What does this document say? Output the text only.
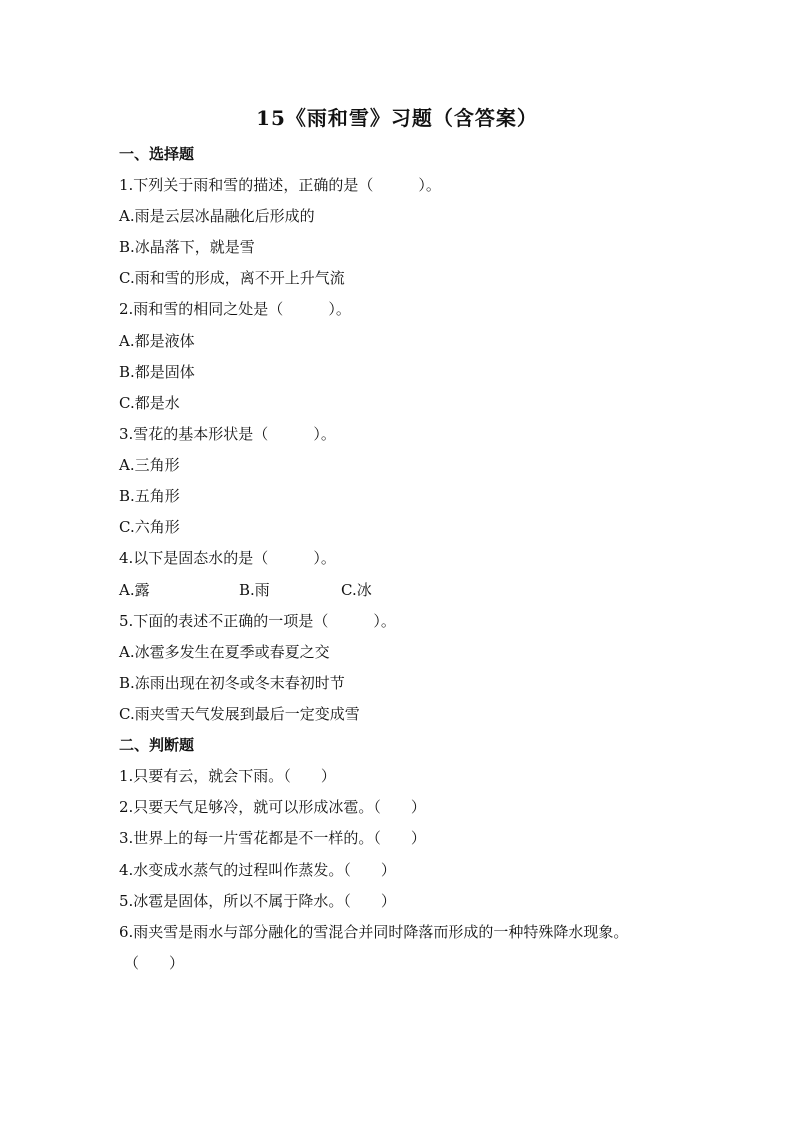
15《雨和雪》习题（含答案）
一、选择题
1.下列关于雨和雪的描述，正确的是（　　　）。
A.雨是云层冰晶融化后形成的
B.冰晶落下，就是雪
C.雨和雪的形成，离不开上升气流
2.雨和雪的相同之处是（　　　）。
A.都是液体
B.都是固体
C.都是水
3.雪花的基本形状是（　　　）。
A.三角形
B.五角形
C.六角形
4.以下是固态水的是（　　　）。
A.露	B.雨	C.冰
5.下面的表述不正确的一项是（　　　）。
A.冰雹多发生在夏季或春夏之交
B.冻雨出现在初冬或冬末春初时节
C.雨夹雪天气发展到最后一定变成雪
二、判断题
1.只要有云，就会下雨。（　　）
2.只要天气足够冷，就可以形成冰雹。（　　）
3.世界上的每一片雪花都是不一样的。（　　）
4.水变成水蒸气的过程叫作蒸发。（　　）
5.冰雹是固体，所以不属于降水。（　　）
6.雨夹雪是雨水与部分融化的雪混合并同时降落而形成的一种特殊降水现象。
（　　）
